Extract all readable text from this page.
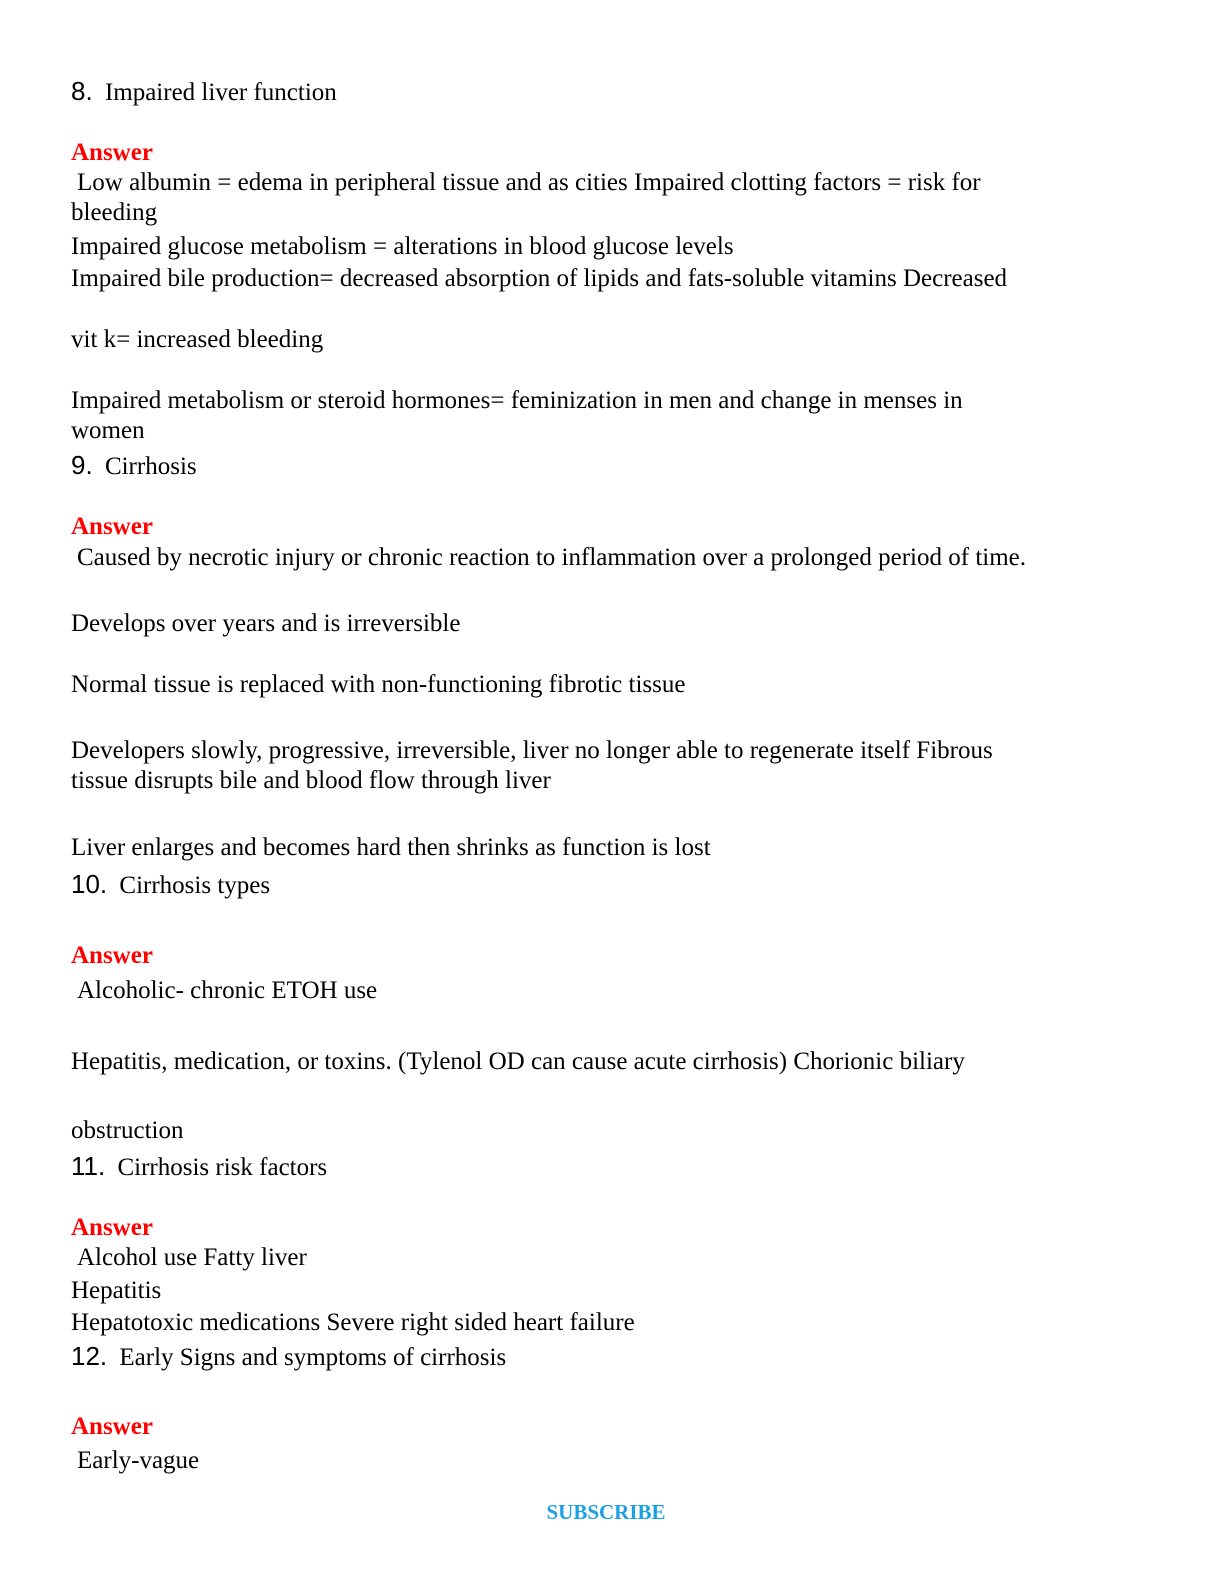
8. Impaired liver function
Answer
Low albumin = edema in peripheral tissue and as cities Impaired clotting factors = risk for
bleeding
Impaired glucose metabolism = alterations in blood glucose levels
Impaired bile production= decreased absorption of lipids and fats-soluble vitamins Decreased
vit k= increased bleeding
Impaired metabolism or steroid hormones= feminization in men and change in menses in
women
9. Cirrhosis
Answer
Caused by necrotic injury or chronic reaction to inflammation over a prolonged period of time.
Develops over years and is irreversible
Normal tissue is replaced with non-functioning fibrotic tissue
Developers slowly, progressive, irreversible, liver no longer able to regenerate itself Fibrous
tissue disrupts bile and blood flow through liver
Liver enlarges and becomes hard then shrinks as function is lost
10. Cirrhosis types
Answer
Alcoholic- chronic ETOH use
Hepatitis, medication, or toxins. (Tylenol OD can cause acute cirrhosis) Chorionic biliary
obstruction
11. Cirrhosis risk factors
Answer
Alcohol use Fatty liver
Hepatitis
Hepatotoxic medications Severe right sided heart failure
12. Early Signs and symptoms of cirrhosis
Answer
Early-vague
SUBSCRIBE
